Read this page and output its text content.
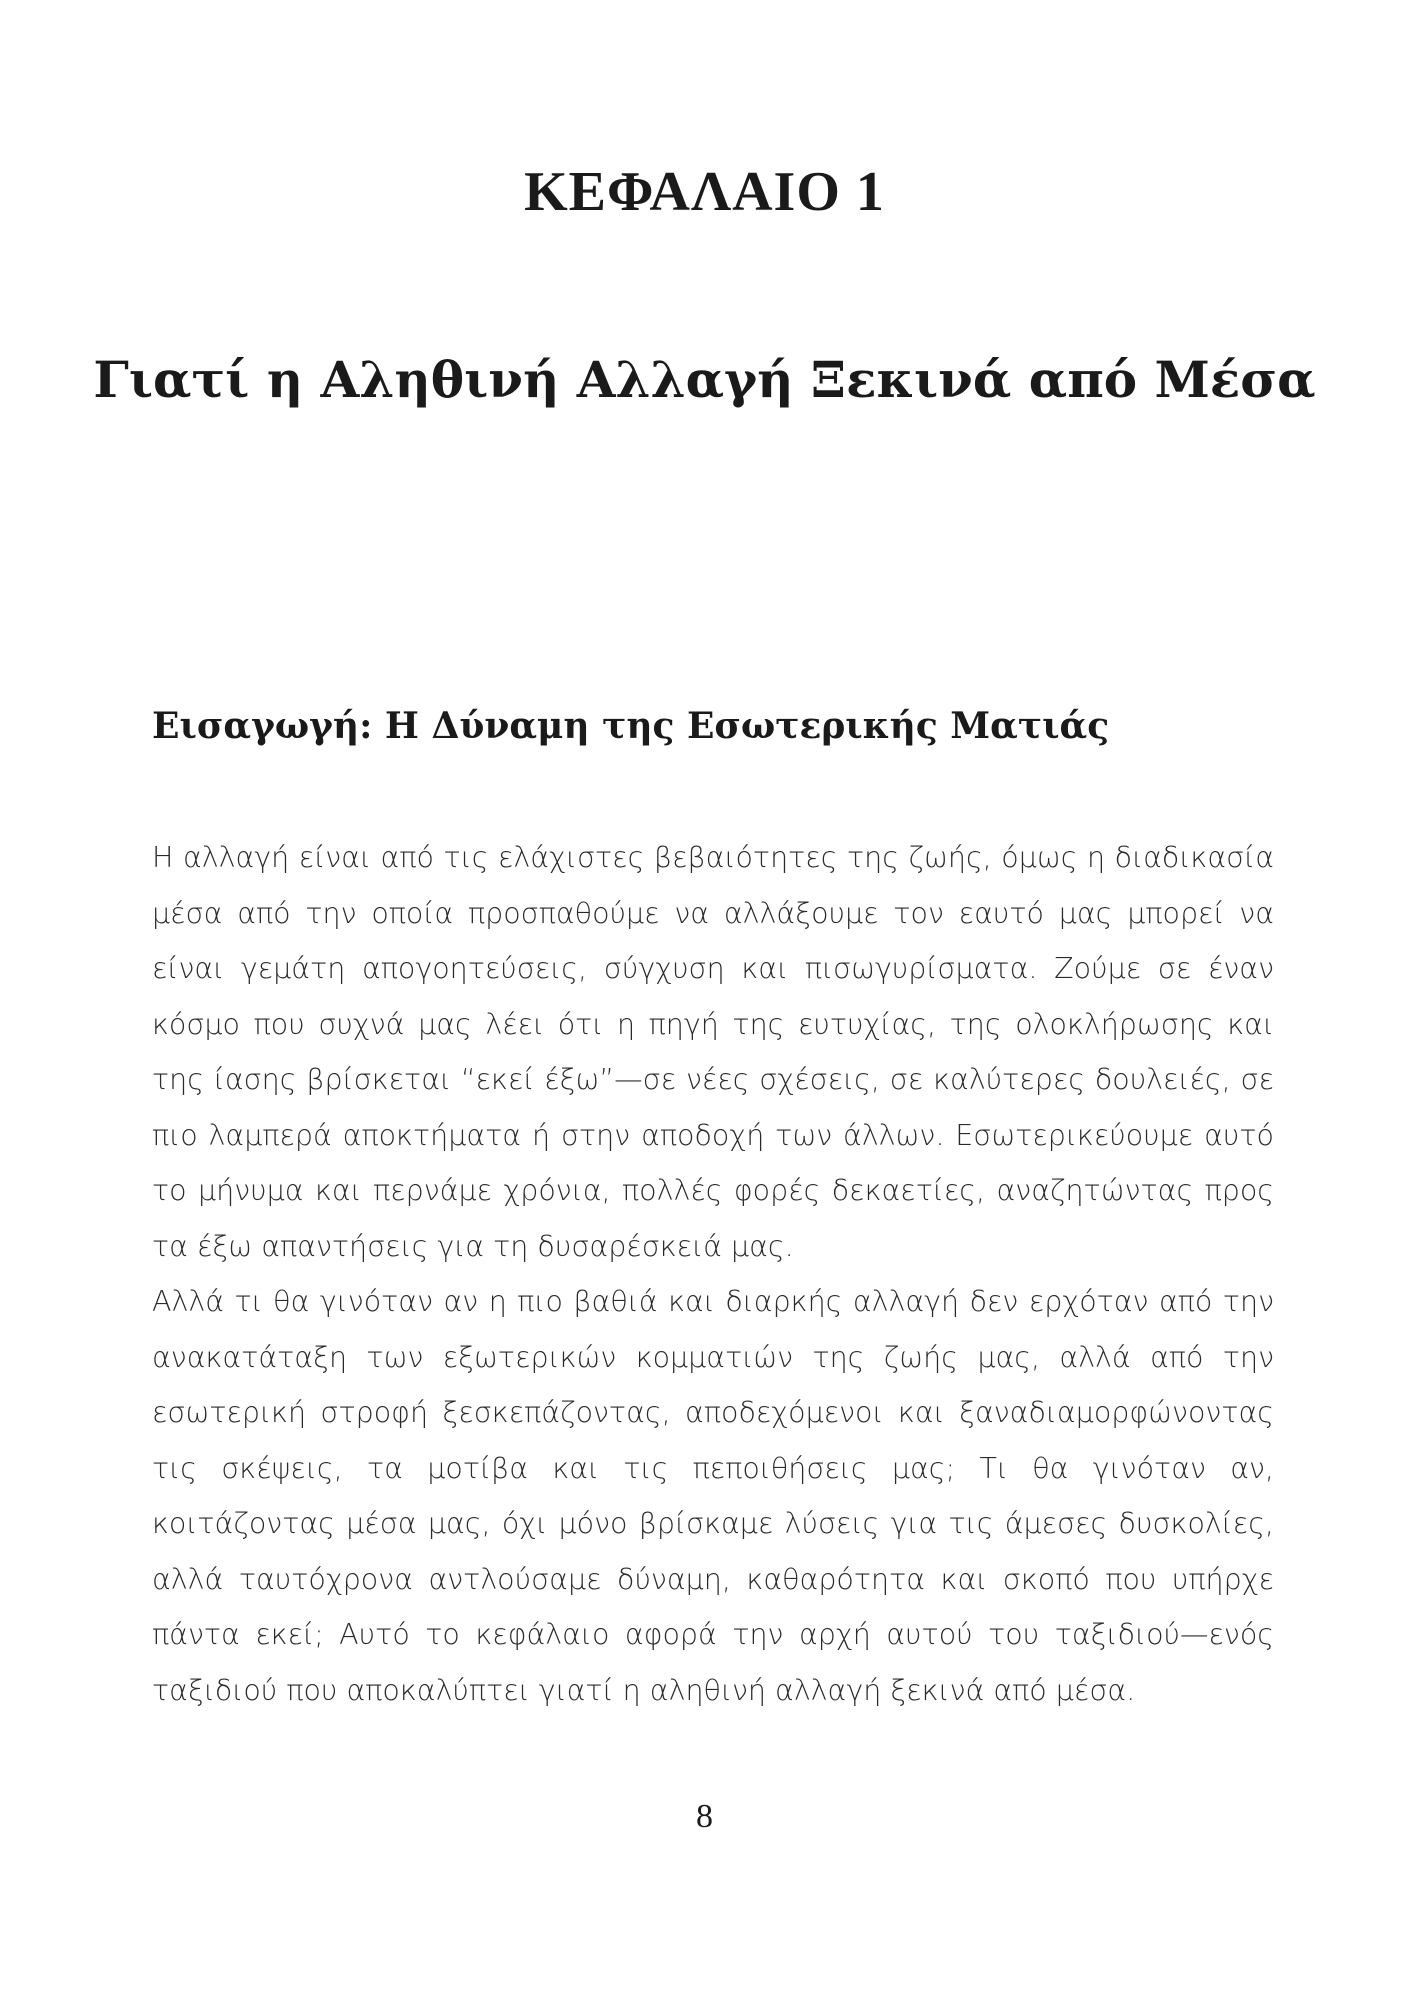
ΚΕΦΑΛΑΙΟ 1
Γιατί η Αληθινή Αλλαγή Ξεκινά από Μέσα
Εισαγωγή: Η Δύναμη της Εσωτερικής Ματιάς

Η αλλαγή είναι από τις ελάχιστες βεβαιότητες της ζωής, όμως η διαδικασία μέσα από την οποία προσπαθούμε να αλλάξουμε τον εαυτό μας μπορεί να είναι γεμάτη απογοητεύσεις, σύγχυση και πισωγυρίσματα. Ζούμε σε έναν κόσμο που συχνά μας λέει ότι η πηγή της ευτυχίας, της ολοκλήρωσης και της ίασης βρίσκεται “εκεί έξω”—σε νέες σχέσεις, σε καλύτερες δουλειές, σε πιο λαμπερά αποκτήματα ή στην αποδοχή των άλλων. Εσωτερικεύουμε αυτό το μήνυμα και περνάμε χρόνια, πολλές φορές δεκαετίες, αναζητώντας προς τα έξω απαντήσεις για τη δυσαρέσκειά μας.

Αλλά τι θα γινόταν αν η πιο βαθιά και διαρκής αλλαγή δεν ερχόταν από την ανακατάταξη των εξωτερικών κομματιών της ζωής μας, αλλά από την εσωτερική στροφή ξεσκεπάζοντας, αποδεχόμενοι και ξαναδιαμορφώνοντας τις σκέψεις, τα μοτίβα και τις πεποιθήσεις μας; Τι θα γινόταν αν, κοιτάζοντας μέσα μας, όχι μόνο βρίσκαμε λύσεις για τις άμεσες δυσκολίες, αλλά ταυτόχρονα αντλούσαμε δύναμη, καθαρότητα και σκοπό που υπήρχε πάντα εκεί; Αυτό το κεφάλαιο αφορά την αρχή αυτού του ταξιδιού—ενός ταξιδιού που αποκαλύπτει γιατί η αληθινή αλλαγή ξεκινά από μέσα.

8
